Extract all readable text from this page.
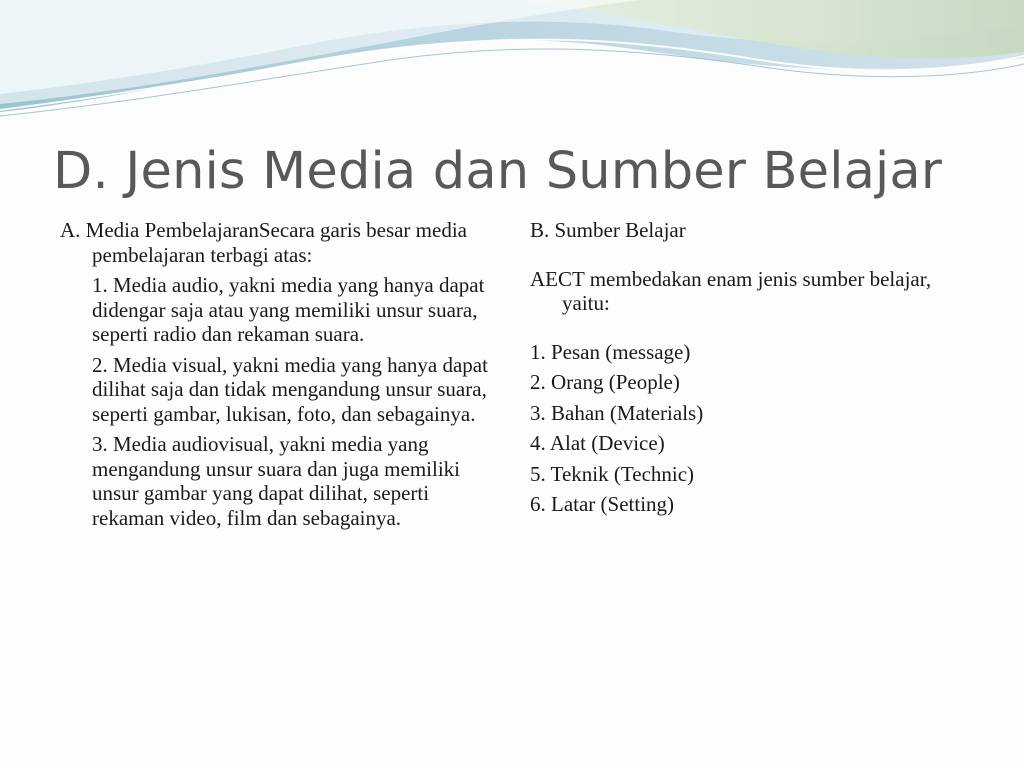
D. Jenis Media dan Sumber Belajar

A. Media PembelajaranSecara garis besar media pembelajaran terbagi atas:

1. Media audio, yakni media yang hanya dapat didengar saja atau yang memiliki unsur suara, seperti radio dan rekaman suara.

2. Media visual, yakni media yang hanya dapat dilihat saja dan tidak mengandung unsur suara, seperti gambar, lukisan, foto, dan sebagainya.

3. Media audiovisual, yakni media yang mengandung unsur suara dan juga memiliki unsur gambar yang dapat dilihat, seperti rekaman video, film dan sebagainya.

B. Sumber Belajar

AECT membedakan enam jenis sumber belajar, yaitu:

1. Pesan (message)
2. Orang (People)
3. Bahan (Materials)
4. Alat (Device)
5. Teknik (Technic)
6. Latar (Setting)
